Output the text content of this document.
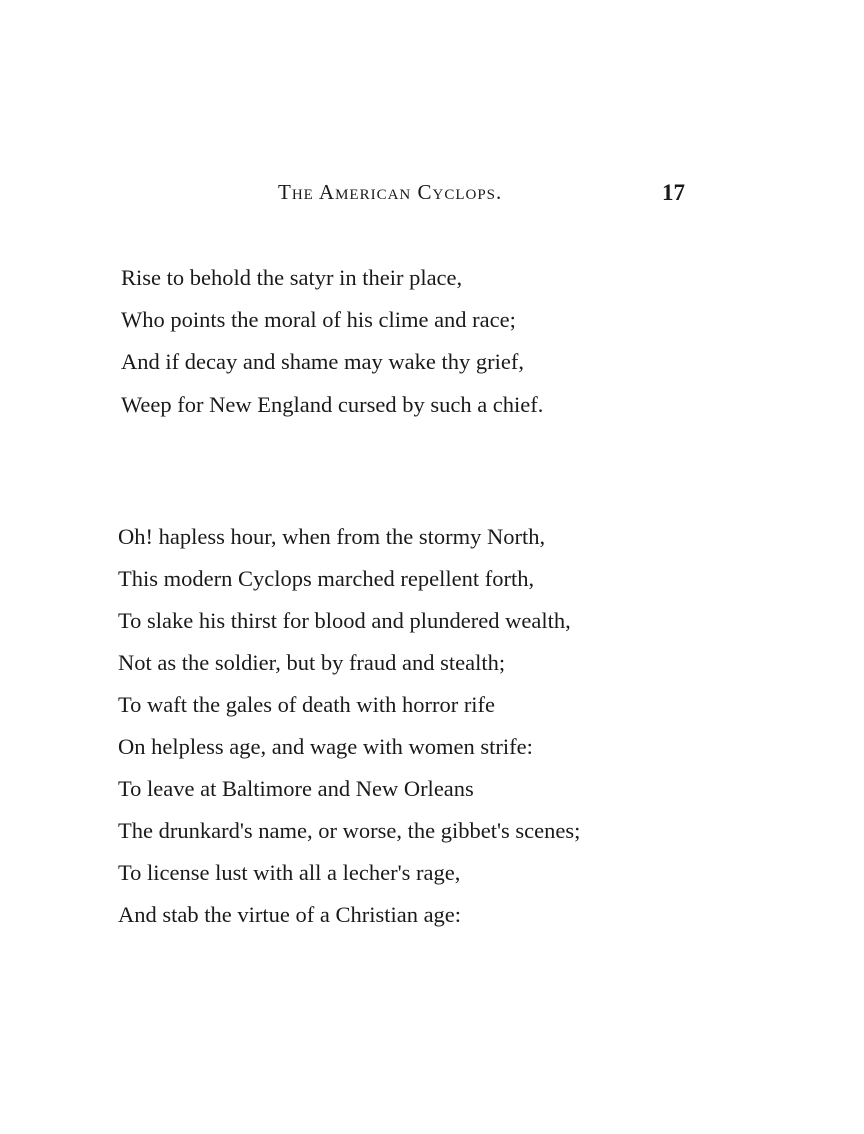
The American Cyclops.	17
Rise to behold the satyr in their place,
Who points the moral of his clime and race;
And if decay and shame may wake thy grief,
Weep for New England cursed by such a chief.
Oh! hapless hour, when from the stormy North,
This modern Cyclops marched repellent forth,
To slake his thirst for blood and plundered wealth,
Not as the soldier, but by fraud and stealth;
To waft the gales of death with horror rife
On helpless age, and wage with women strife:
To leave at Baltimore and New Orleans
The drunkard's name, or worse, the gibbet's scenes;
To license lust with all a lecher's rage,
And stab the virtue of a Christian age:
